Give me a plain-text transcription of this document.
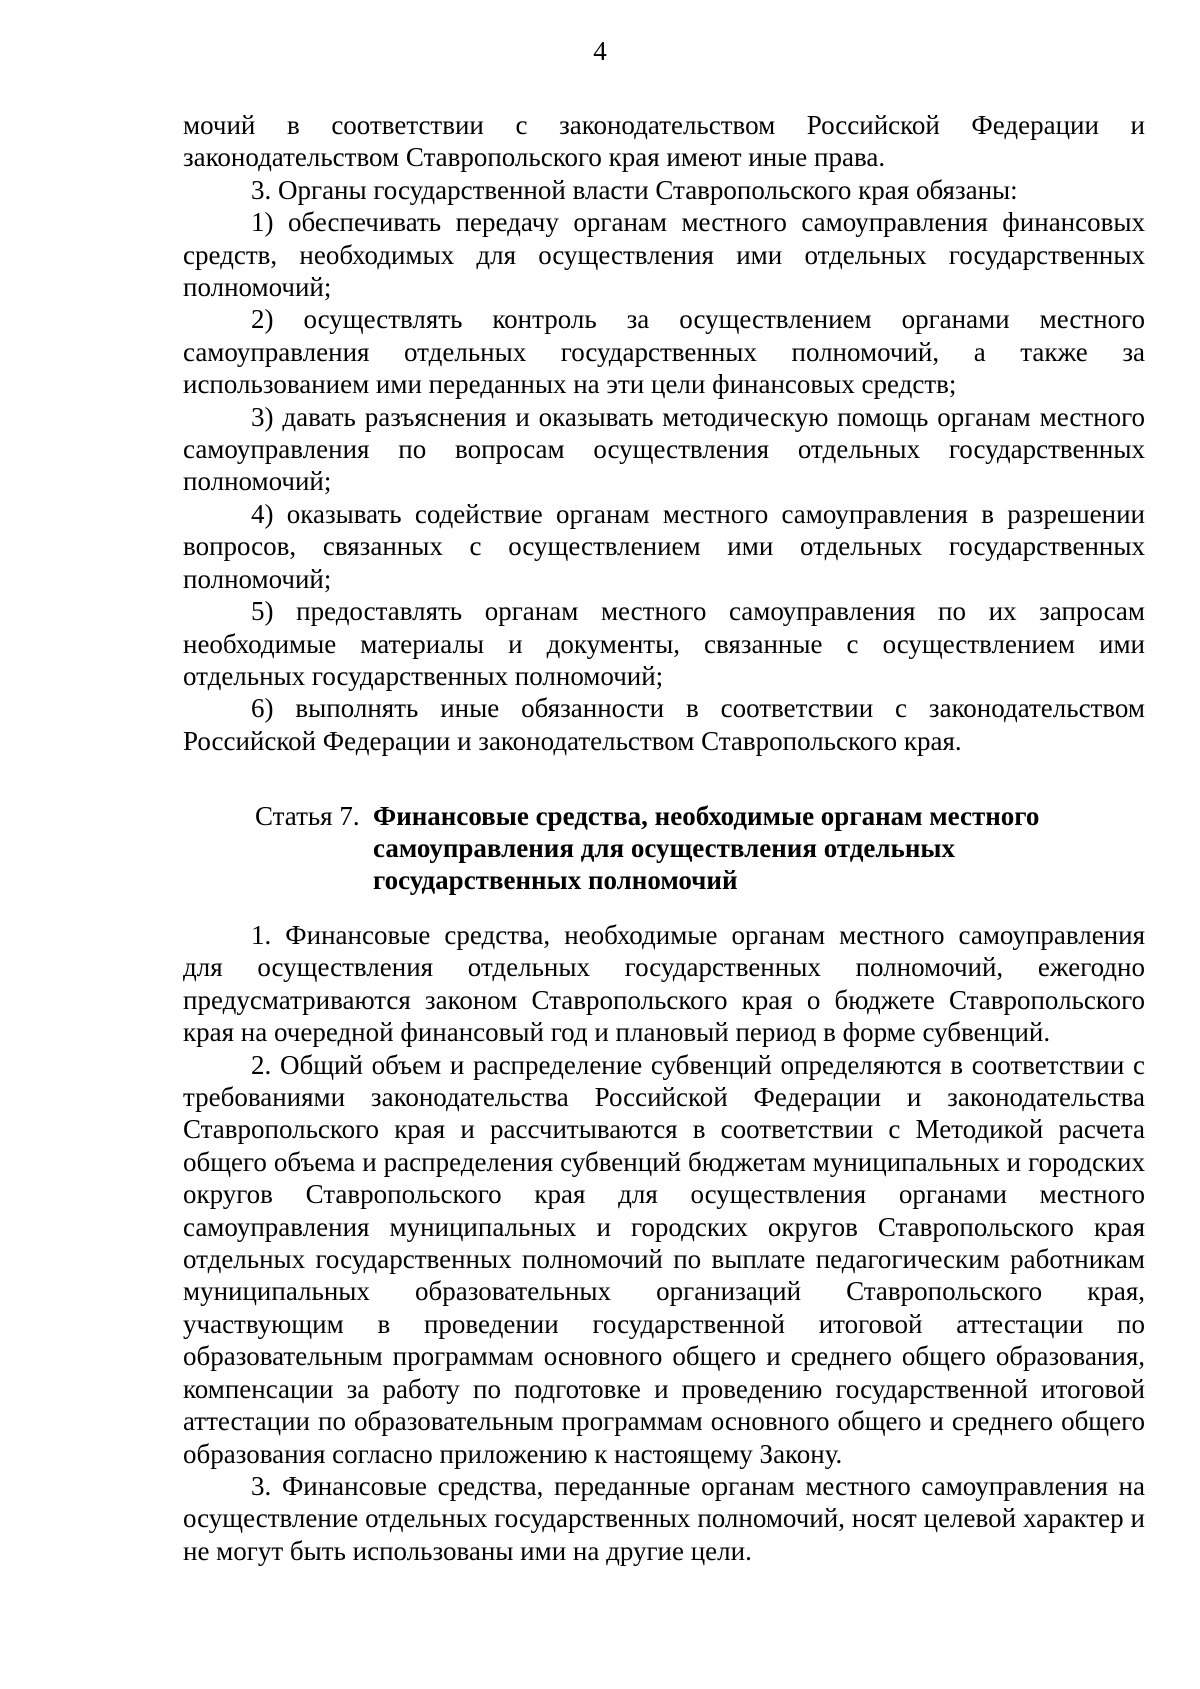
4

мочий в соответствии с законодательством Российской Федерации и законодательством Ставропольского края имеют иные права.

3. Органы государственной власти Ставропольского края обязаны:

1) обеспечивать передачу органам местного самоуправления финансовых средств, необходимых для осуществления ими отдельных государственных полномочий;

2) осуществлять контроль за осуществлением органами местного самоуправления отдельных государственных полномочий, а также за использованием ими переданных на эти цели финансовых средств;

3) давать разъяснения и оказывать методическую помощь органам местного самоуправления по вопросам осуществления отдельных государственных полномочий;

4) оказывать содействие органам местного самоуправления в разрешении вопросов, связанных с осуществлением ими отдельных государственных полномочий;

5) предоставлять органам местного самоуправления по их запросам необходимые материалы и документы, связанные с осуществлением ими отдельных государственных полномочий;

6) выполнять иные обязанности в соответствии с законодательством Российской Федерации и законодательством Ставропольского края.

Статья 7. Финансовые средства, необходимые органам местного
самоуправления для осуществления отдельных
государственных полномочий

1. Финансовые средства, необходимые органам местного самоуправления для осуществления отдельных государственных полномочий, ежегодно предусматриваются законом Ставропольского края о бюджете Ставропольского края на очередной финансовый год и плановый период в форме субвенций.

2. Общий объем и распределение субвенций определяются в соответствии с требованиями законодательства Российской Федерации и законодательства Ставропольского края и рассчитываются в соответствии с Методикой расчета общего объема и распределения субвенций бюджетам муниципальных и городских округов Ставропольского края для осуществления органами местного самоуправления муниципальных и городских округов Ставропольского края отдельных государственных полномочий по выплате педагогическим работникам муниципальных образовательных организаций Ставропольского края, участвующим в проведении государственной итоговой аттестации по образовательным программам основного общего и среднего общего образования, компенсации за работу по подготовке и проведению государственной итоговой аттестации по образовательным программам основного общего и среднего общего образования согласно приложению к настоящему Закону.

3. Финансовые средства, переданные органам местного самоуправления на осуществление отдельных государственных полномочий, носят целевой характер и не могут быть использованы ими на другие цели.
